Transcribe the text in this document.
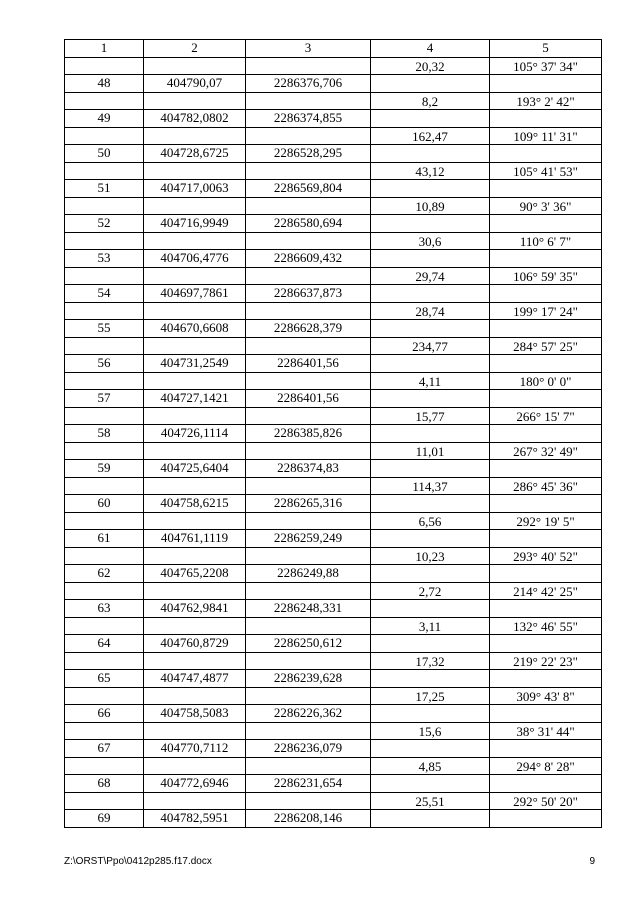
1	2	3	4	5
			20,32	105° 37' 34"
48	404790,07	2286376,706		
			8,2	193° 2' 42"
49	404782,0802	2286374,855		
			162,47	109° 11' 31"
50	404728,6725	2286528,295		
			43,12	105° 41' 53"
51	404717,0063	2286569,804		
			10,89	90° 3' 36"
52	404716,9949	2286580,694		
			30,6	110° 6' 7"
53	404706,4776	2286609,432		
			29,74	106° 59' 35"
54	404697,7861	2286637,873		
			28,74	199° 17' 24"
55	404670,6608	2286628,379		
			234,77	284° 57' 25"
56	404731,2549	2286401,56		
			4,11	180° 0' 0"
57	404727,1421	2286401,56		
			15,77	266° 15' 7"
58	404726,1114	2286385,826		
			11,01	267° 32' 49"
59	404725,6404	2286374,83		
			114,37	286° 45' 36"
60	404758,6215	2286265,316		
			6,56	292° 19' 5"
61	404761,1119	2286259,249		
			10,23	293° 40' 52"
62	404765,2208	2286249,88		
			2,72	214° 42' 25"
63	404762,9841	2286248,331		
			3,11	132° 46' 55"
64	404760,8729	2286250,612		
			17,32	219° 22' 23"
65	404747,4877	2286239,628		
			17,25	309° 43' 8"
66	404758,5083	2286226,362		
			15,6	38° 31' 44"
67	404770,7112	2286236,079		
			4,85	294° 8' 28"
68	404772,6946	2286231,654		
			25,51	292° 50' 20"
69	404782,5951	2286208,146		
Z:\ORST\Ppo\0412p285.f17.docx	9
